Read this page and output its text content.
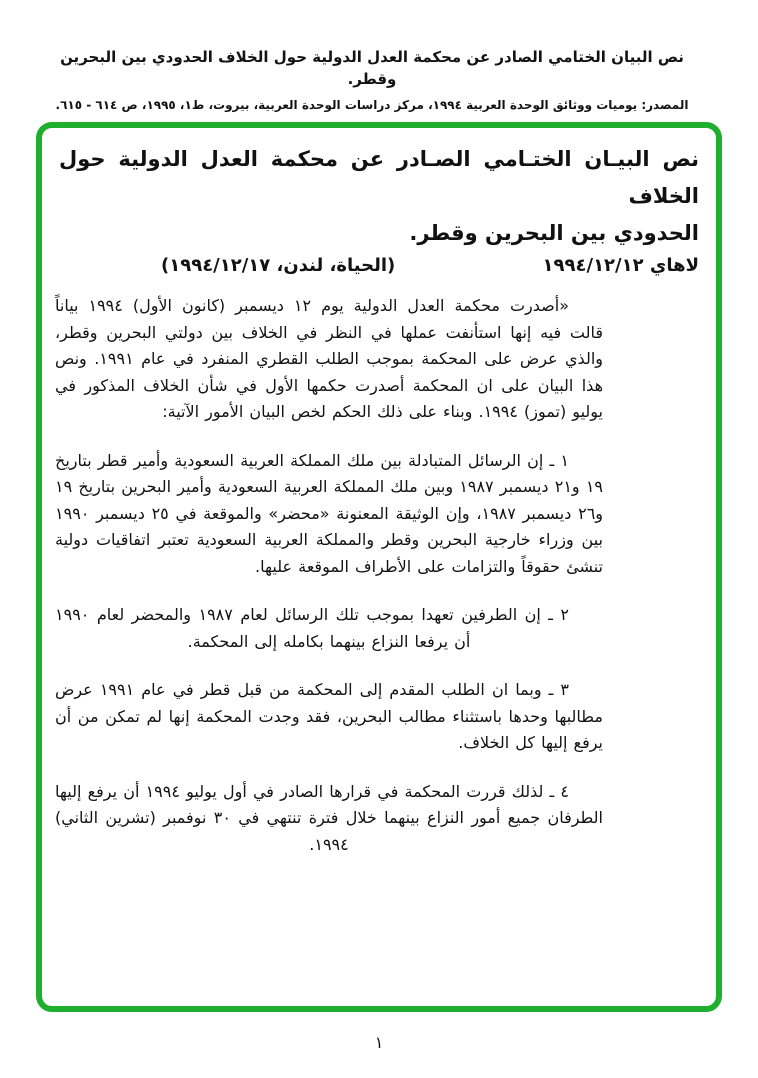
نص البيان الختامي الصادر عن محكمة العدل الدولية حول الخلاف الحدودي بين البحرين وقطر.
المصدر: يوميات ووثائق الوحدة العربية ١٩٩٤، مركز دراسات الوحدة العربية، بيروت، ط١، ١٩٩٥، ص ٦١٤ - ٦١٥.
نص البيـان الختـامي الصـادر عن محكمة العدل الدولية حول الخلاف
الحدودي بين البحرين وقطر.
لاهاي ١٩٩٤/١٢/١٢
(الحياة، لندن، ١٩٩٤/١٢/١٧)

«أصدرت محكمة العدل الدولية يوم ١٢ ديسمبر (كانون الأول) ١٩٩٤ بياناً قالت فيه إنها استأنفت عملها في النظر في الخلاف بين دولتي البحرين وقطر، والذي عرض على المحكمة بموجب الطلب القطري المنفرد في عام ١٩٩١. ونص هذا البيان على ان المحكمة أصدرت حكمها الأول في شأن الخلاف المذكور في يوليو (تموز) ١٩٩٤. وبناء على ذلك الحكم لخص البيان الأمور الآتية:

١ ـ إن الرسائل المتبادلة بين ملك المملكة العربية السعودية وأمير قطر بتاريخ ١٩ و٢١ ديسمبر ١٩٨٧ وبين ملك المملكة العربية السعودية وأمير البحرين بتاريخ ١٩ و٢٦ ديسمبر ١٩٨٧، وإن الوثيقة المعنونة «محضر» والموقعة في ٢٥ ديسمبر ١٩٩٠ بين وزراء خارجية البحرين وقطر والمملكة العربية السعودية تعتبر اتفاقيات دولية تنشئ حقوقاً والتزامات على الأطراف الموقعة عليها.

٢ ـ إن الطرفين تعهدا بموجب تلك الرسائل لعام ١٩٨٧ والمحضر لعام ١٩٩٠ أن يرفعا النزاع بينهما بكامله إلى المحكمة.

٣ ـ وبما ان الطلب المقدم إلى المحكمة من قبل قطر في عام ١٩٩١ عرض مطالبها وحدها باستثناء مطالب البحرين، فقد وجدت المحكمة إنها لم تمكن من أن يرفع إليها كل الخلاف.

٤ ـ لذلك قررت المحكمة في قرارها الصادر في أول يوليو ١٩٩٤ أن يرفع إليها الطرفان جميع أمور النزاع بينهما خلال فترة تنتهي في ٣٠ نوفمبر (تشرين الثاني) ١٩٩٤.

١
